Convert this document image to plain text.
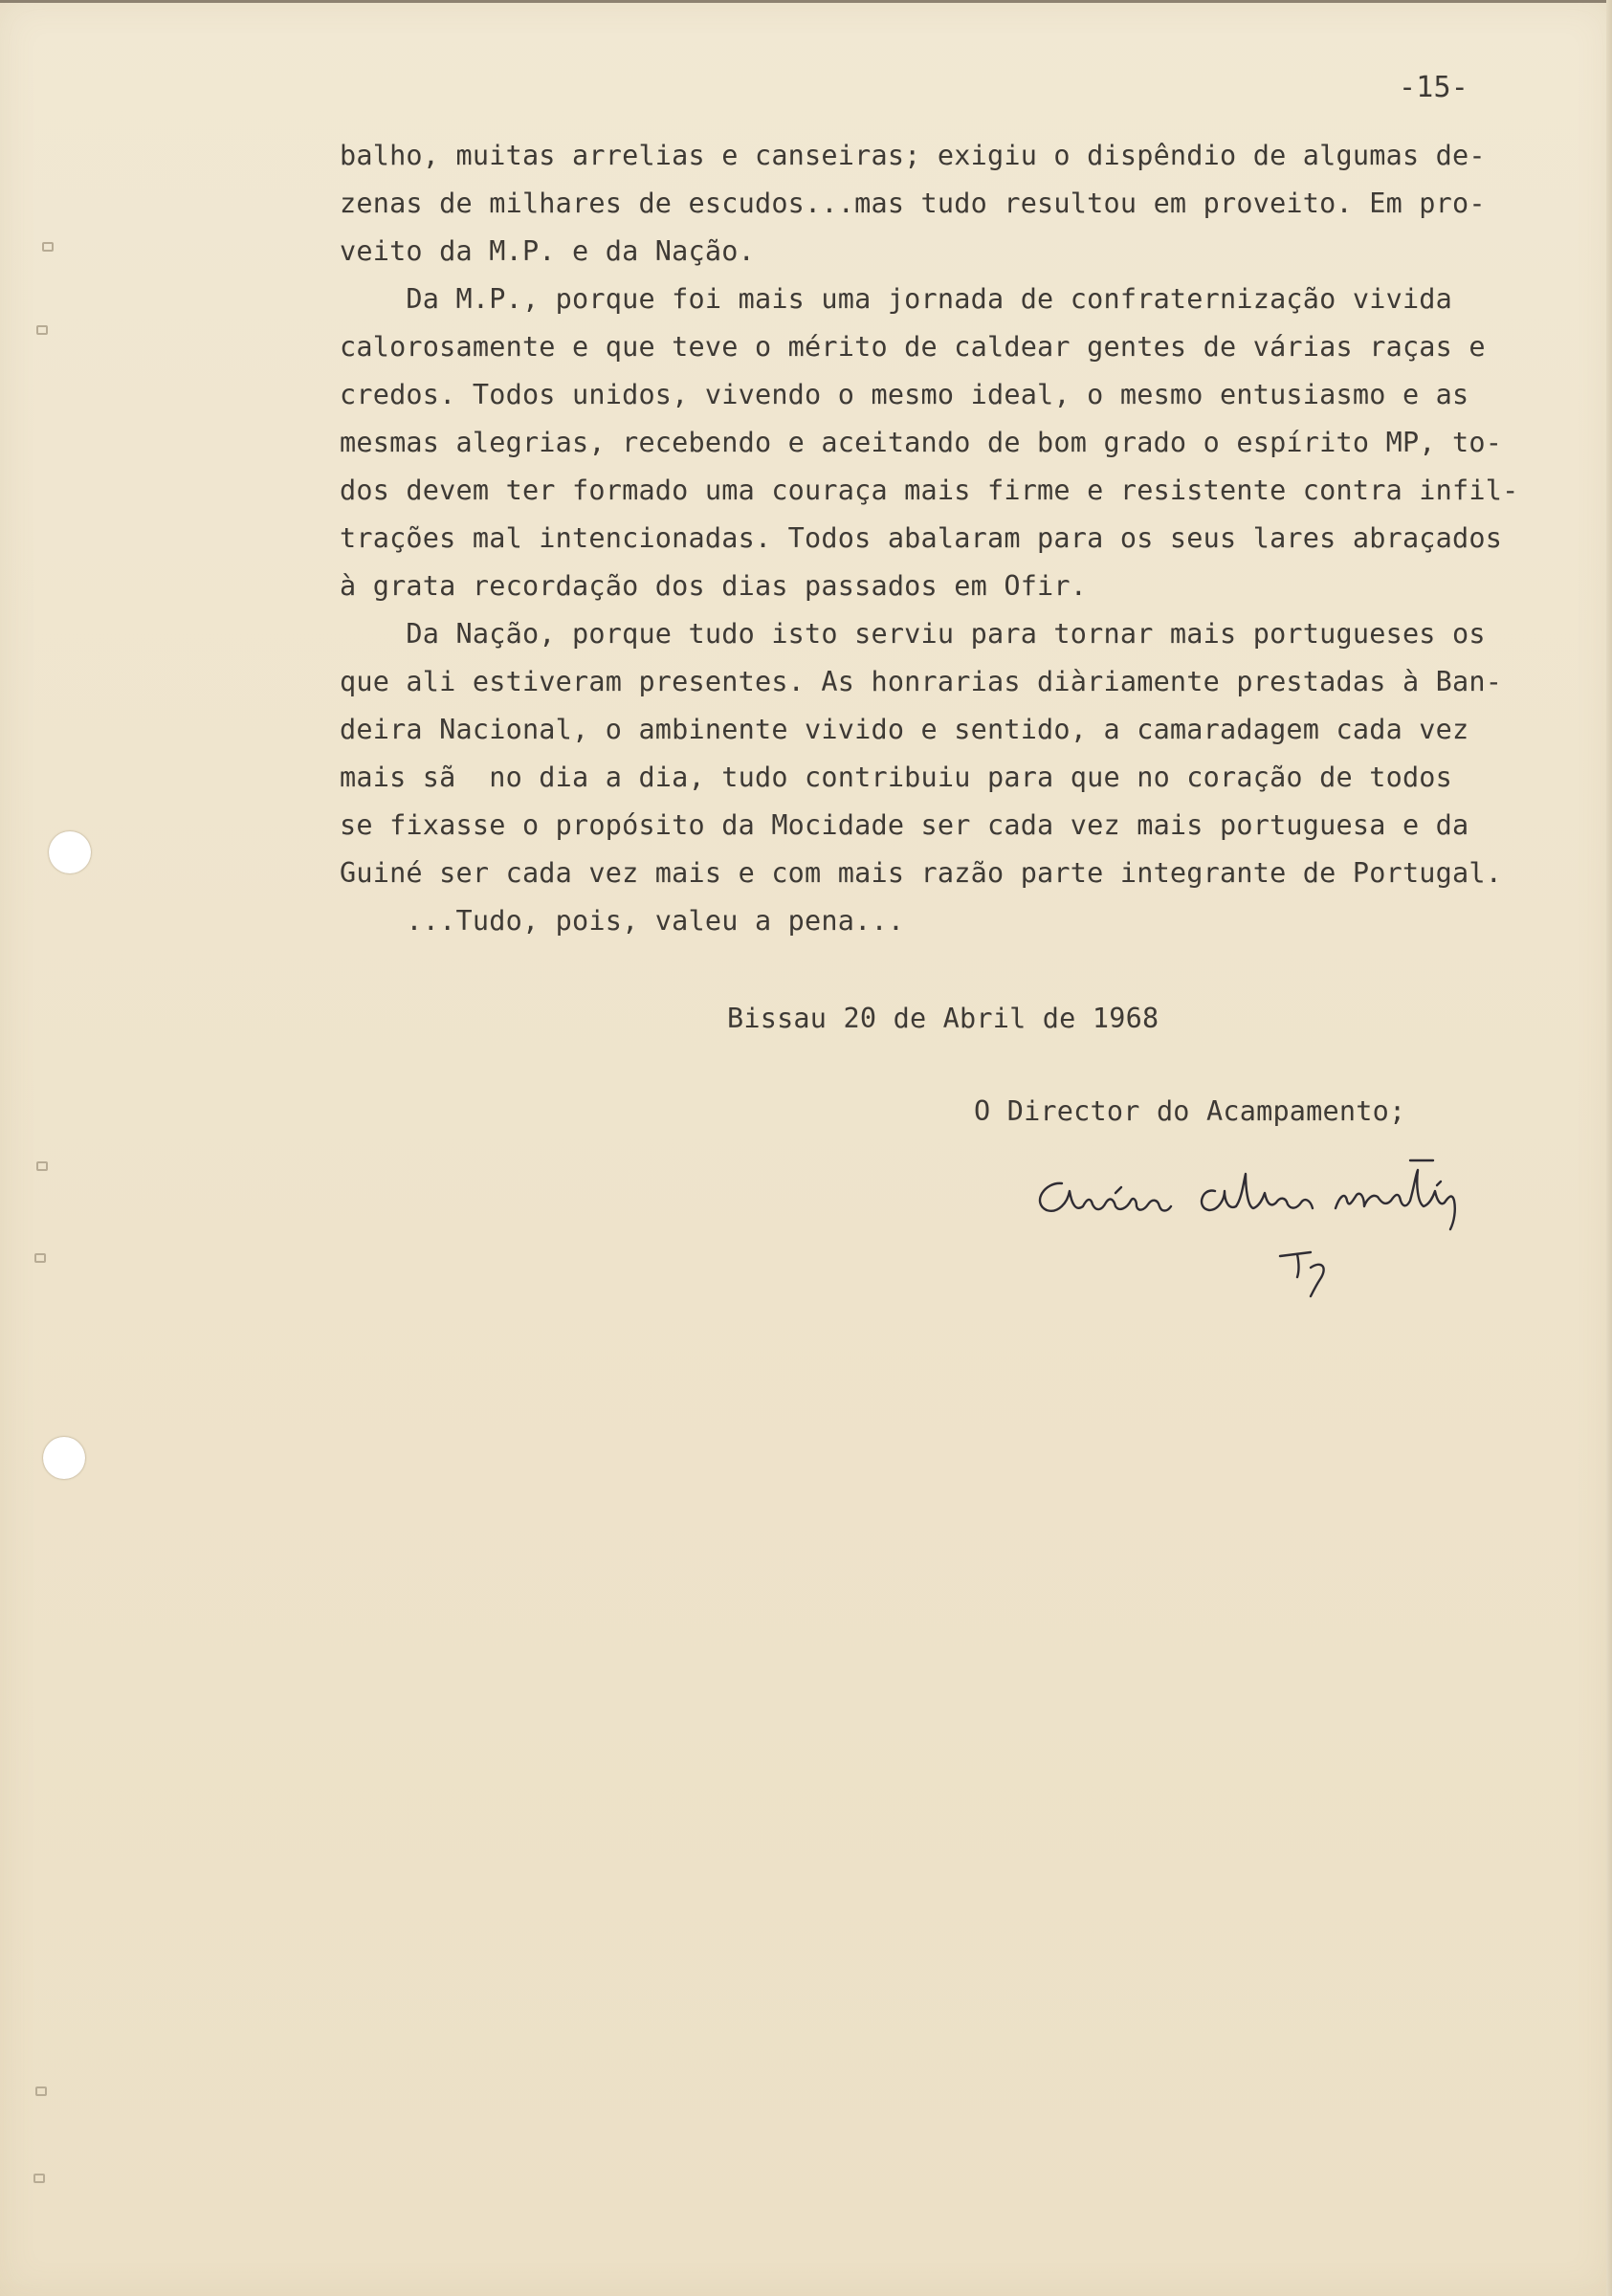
-15-
balho, muitas arrelias e canseiras; exigiu o dispêndio de algumas de-
zenas de milhares de escudos...mas tudo resultou em proveito. Em pro-
veito da M.P. e da Nação.
Da M.P., porque foi mais uma jornada de confraternização vivida
calorosamente e que teve o mérito de caldear gentes de várias raças e
credos. Todos unidos, vivendo o mesmo ideal, o mesmo entusiasmo e as
mesmas alegrias, recebendo e aceitando de bom grado o espírito MP, to-
dos devem ter formado uma couraça mais firme e resistente contra infil-
trações mal intencionadas. Todos abalaram para os seus lares abraçados
à grata recordação dos dias passados em Ofir.
Da Nação, porque tudo isto serviu para tornar mais portugueses os
que ali estiveram presentes. As honrarias diàriamente prestadas à Ban-
deira Nacional, o ambinente vivido e sentido, a camaradagem cada vez
mais sã  no dia a dia, tudo contribuiu para que no coração de todos
se fixasse o propósito da Mocidade ser cada vez mais portuguesa e da
Guiné ser cada vez mais e com mais razão parte integrante de Portugal.
...Tudo, pois, valeu a pena...
Bissau 20 de Abril de 1968
O Director do Acampamento;
